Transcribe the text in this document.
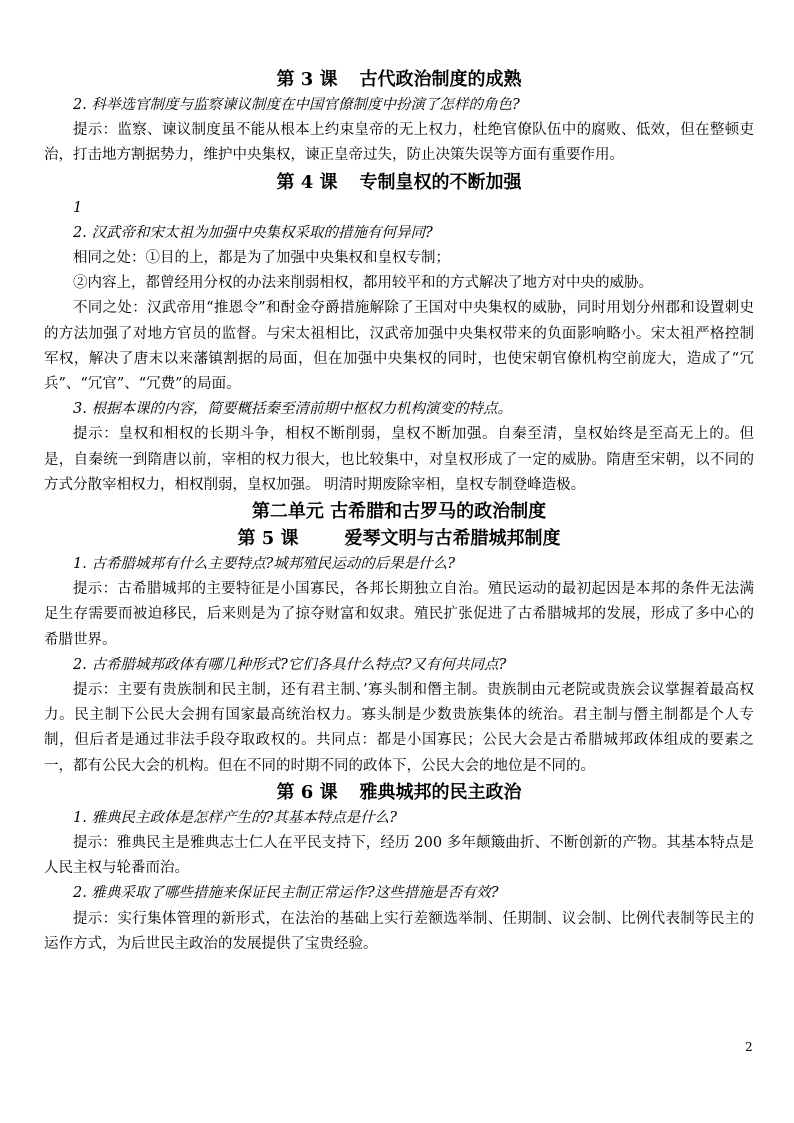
第 3 课 古代政治制度的成熟

2. 科举选官制度与监察谏议制度在中国官僚制度中扮演了怎样的角色?

提示：监察、谏议制度虽不能从根本上约束皇帝的无上权力，杜绝官僚队伍中的腐败、低效，但在整顿吏治，打击地方割据势力，维护中央集权，谏正皇帝过失，防止决策失误等方面有重要作用。

第 4 课 专制皇权的不断加强

1

2. 汉武帝和宋太祖为加强中央集权采取的措施有何异同?

相同之处：①目的上，都是为了加强中央集权和皇权专制；

②内容上，都曾经用分权的办法来削弱相权，都用较平和的方式解决了地方对中央的威胁。

不同之处：汉武帝用“推恩令”和酎金夺爵措施解除了王国对中央集权的威胁，同时用划分州郡和设置刺史的方法加强了对地方官员的监督。与宋太祖相比，汉武帝加强中央集权带来的负面影响略小。宋太祖严格控制军权，解决了唐末以来藩镇割据的局面，但在加强中央集权的同时，也使宋朝官僚机构空前庞大，造成了“冗兵”、“冗官”、“冗费”的局面。

3. 根据本课的内容，简要概括秦至清前期中枢权力机构演变的特点。

提示：皇权和相权的长期斗争，相权不断削弱，皇权不断加强。自秦至清，皇权始终是至高无上的。但是，自秦统一到隋唐以前，宰相的权力很大，也比较集中，对皇权形成了一定的威胁。隋唐至宋朝，以不同的方式分散宰相权力，相权削弱，皇权加强。 明清时期废除宰相，皇权专制登峰造极。

第二单元 古希腊和古罗马的政治制度

第 5 课	爱琴文明与古希腊城邦制度

1. 古希腊城邦有什么主要特点?城邦殖民运动的后果是什么?

提示：古希腊城邦的主要特征是小国寡民，各邦长期独立自治。殖民运动的最初起因是本邦的条件无法满足生存需要而被迫移民，后来则是为了掠夺财富和奴隶。殖民扩张促进了古希腊城邦的发展，形成了多中心的希腊世界。

2. 古希腊城邦政体有哪几种形式?它们各具什么特点?又有何共同点?

提示：主要有贵族制和民主制，还有君主制、’寡头制和僭主制。贵族制由元老院或贵族会议掌握着最高权力。民主制下公民大会拥有国家最高统治权力。寡头制是少数贵族集体的统治。君主制与僭主制都是个人专制，但后者是通过非法手段夺取政权的。共同点：都是小国寡民；公民大会是古希腊城邦政体组成的要素之一，都有公民大会的机构。但在不同的时期不同的政体下，公民大会的地位是不同的。

第 6 课 雅典城邦的民主政治

1. 雅典民主政体是怎样产生的?其基本特点是什么?

提示：雅典民主是雅典志士仁人在平民支持下，经历 200 多年颠簸曲折、不断创新的产物。其基本特点是人民主权与轮番而治。

2. 雅典采取了哪些措施来保证民主制正常运作?这些措施是否有效?

提示：实行集体管理的新形式，在法治的基础上实行差额选举制、任期制、议会制、比例代表制等民主的运作方式，为后世民主政治的发展提供了宝贵经验。

2
